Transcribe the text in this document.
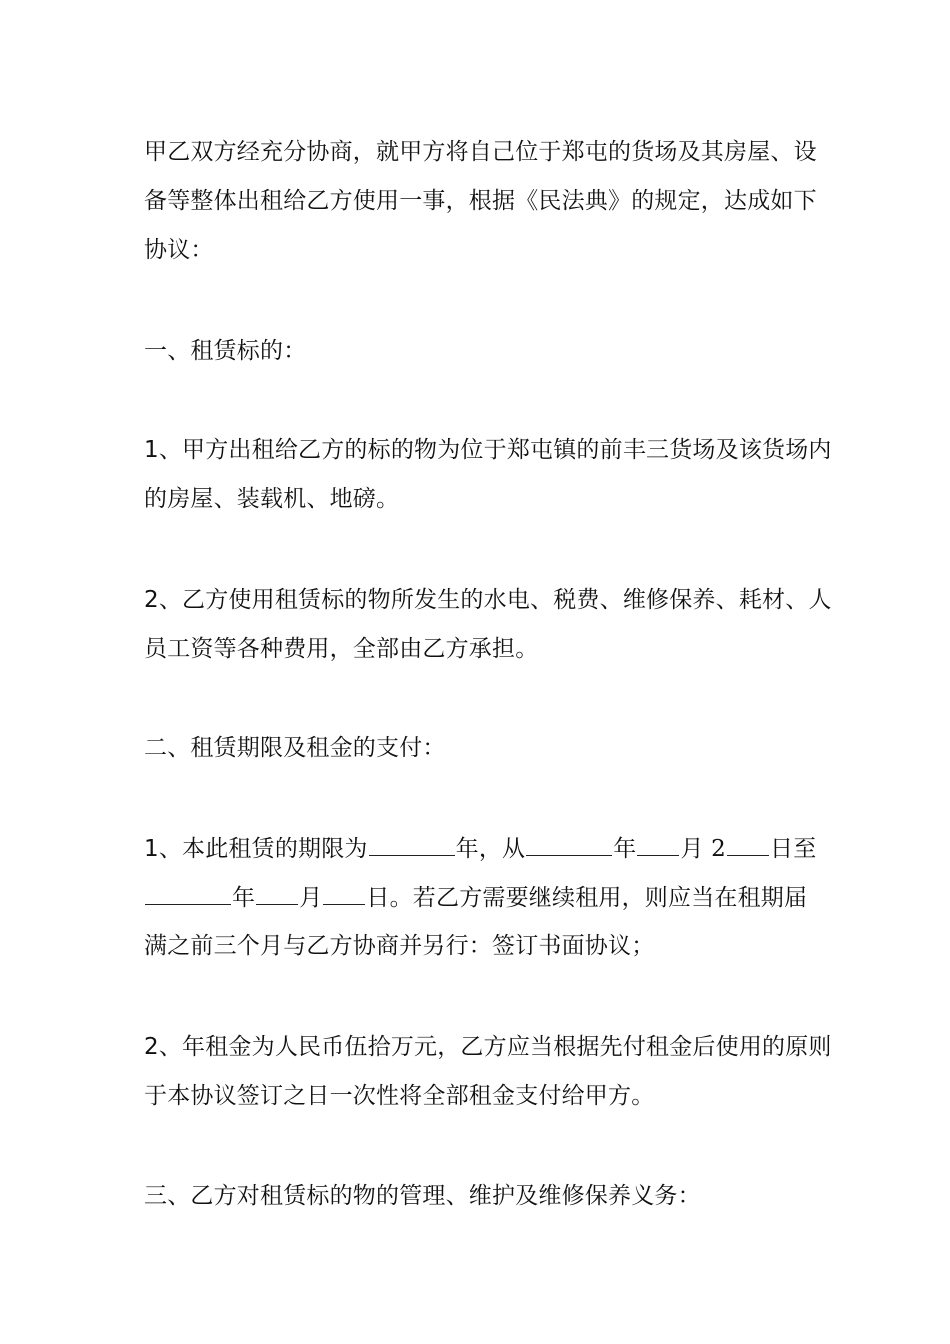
甲乙双方经充分协商，就甲方将自己位于郑屯的货场及其房屋、设
备等整体出租给乙方使用一事，根据《民法典》的规定，达成如下
协议：
一、租赁标的：
1、甲方出租给乙方的标的物为位于郑屯镇的前丰三货场及该货场内
的房屋、装载机、地磅。
2、乙方使用租赁标的物所发生的水电、税费、维修保养、耗材、人
员工资等各种费用，全部由乙方承担。
二、租赁期限及租金的支付：
1、本此租赁的期限为	年，从	年 月 2 日至
年 月 日。若乙方需要继续租用，则应当在租期届
满之前三个月与乙方协商并另行：签订书面协议；
2、年租金为人民币伍拾万元，乙方应当根据先付租金后使用的原则
于本协议签订之日一次性将全部租金支付给甲方。
三、乙方对租赁标的物的管理、维护及维修保养义务：
